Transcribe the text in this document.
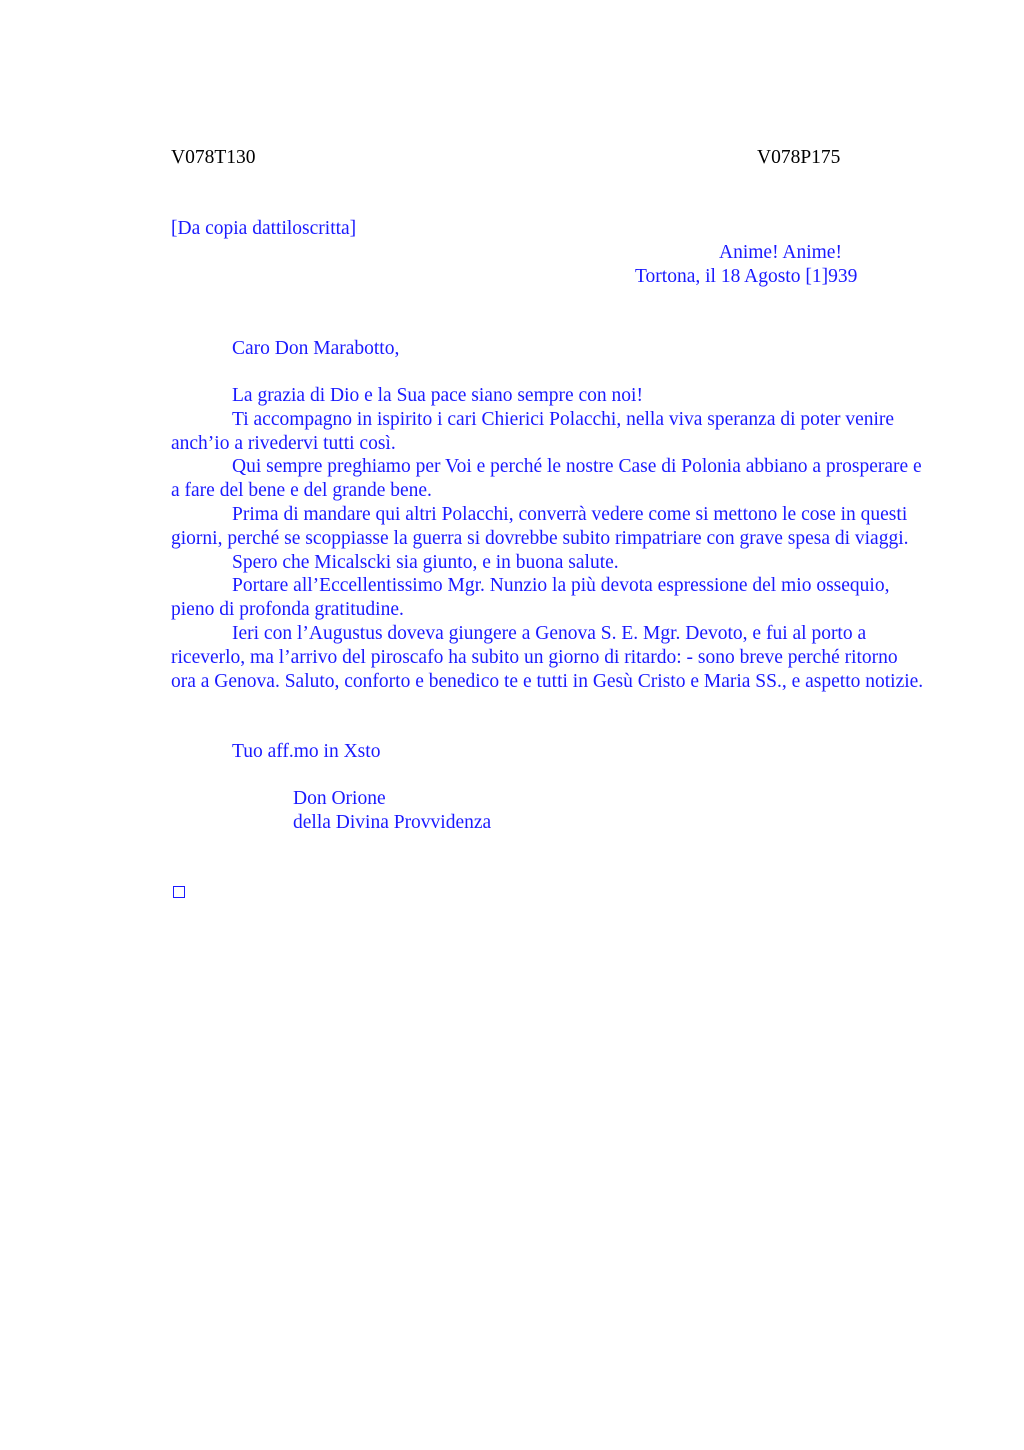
V078T130	V078P175
[Da copia dattiloscritta]
Anime! Anime!
Tortona, il 18 Agosto [1]939
Caro Don Marabotto,

La grazia di Dio e la Sua pace siano sempre con noi!

Ti accompagno in ispirito i cari Chierici Polacchi, nella viva speranza di poter venire anch’io a rivedervi tutti così.

Qui sempre preghiamo per Voi e perché le nostre Case di Polonia abbiano a prosperare e a fare del bene e del grande bene.

Prima di mandare qui altri Polacchi, converrà vedere come si mettono le cose in questi giorni, perché se scoppiasse la guerra si dovrebbe subito rimpatriare con grave spesa di viaggi.

Spero che Micalscki sia giunto, e in buona salute.

Portare all’Eccellentissimo Mgr. Nunzio la più devota espressione del mio ossequio, pieno di profonda gratitudine.

Ieri con l’Augustus doveva giungere a Genova S. E. Mgr. Devoto, e fui al porto a riceverlo, ma l’arrivo del piroscafo ha subito un giorno di ritardo: - sono breve perché ritorno ora a Genova. Saluto, conforto e benedico te e tutti in Gesù Cristo e Maria SS., e aspetto notizie.

Tuo aff.mo in Xsto
Don Orione
della Divina Provvidenza
